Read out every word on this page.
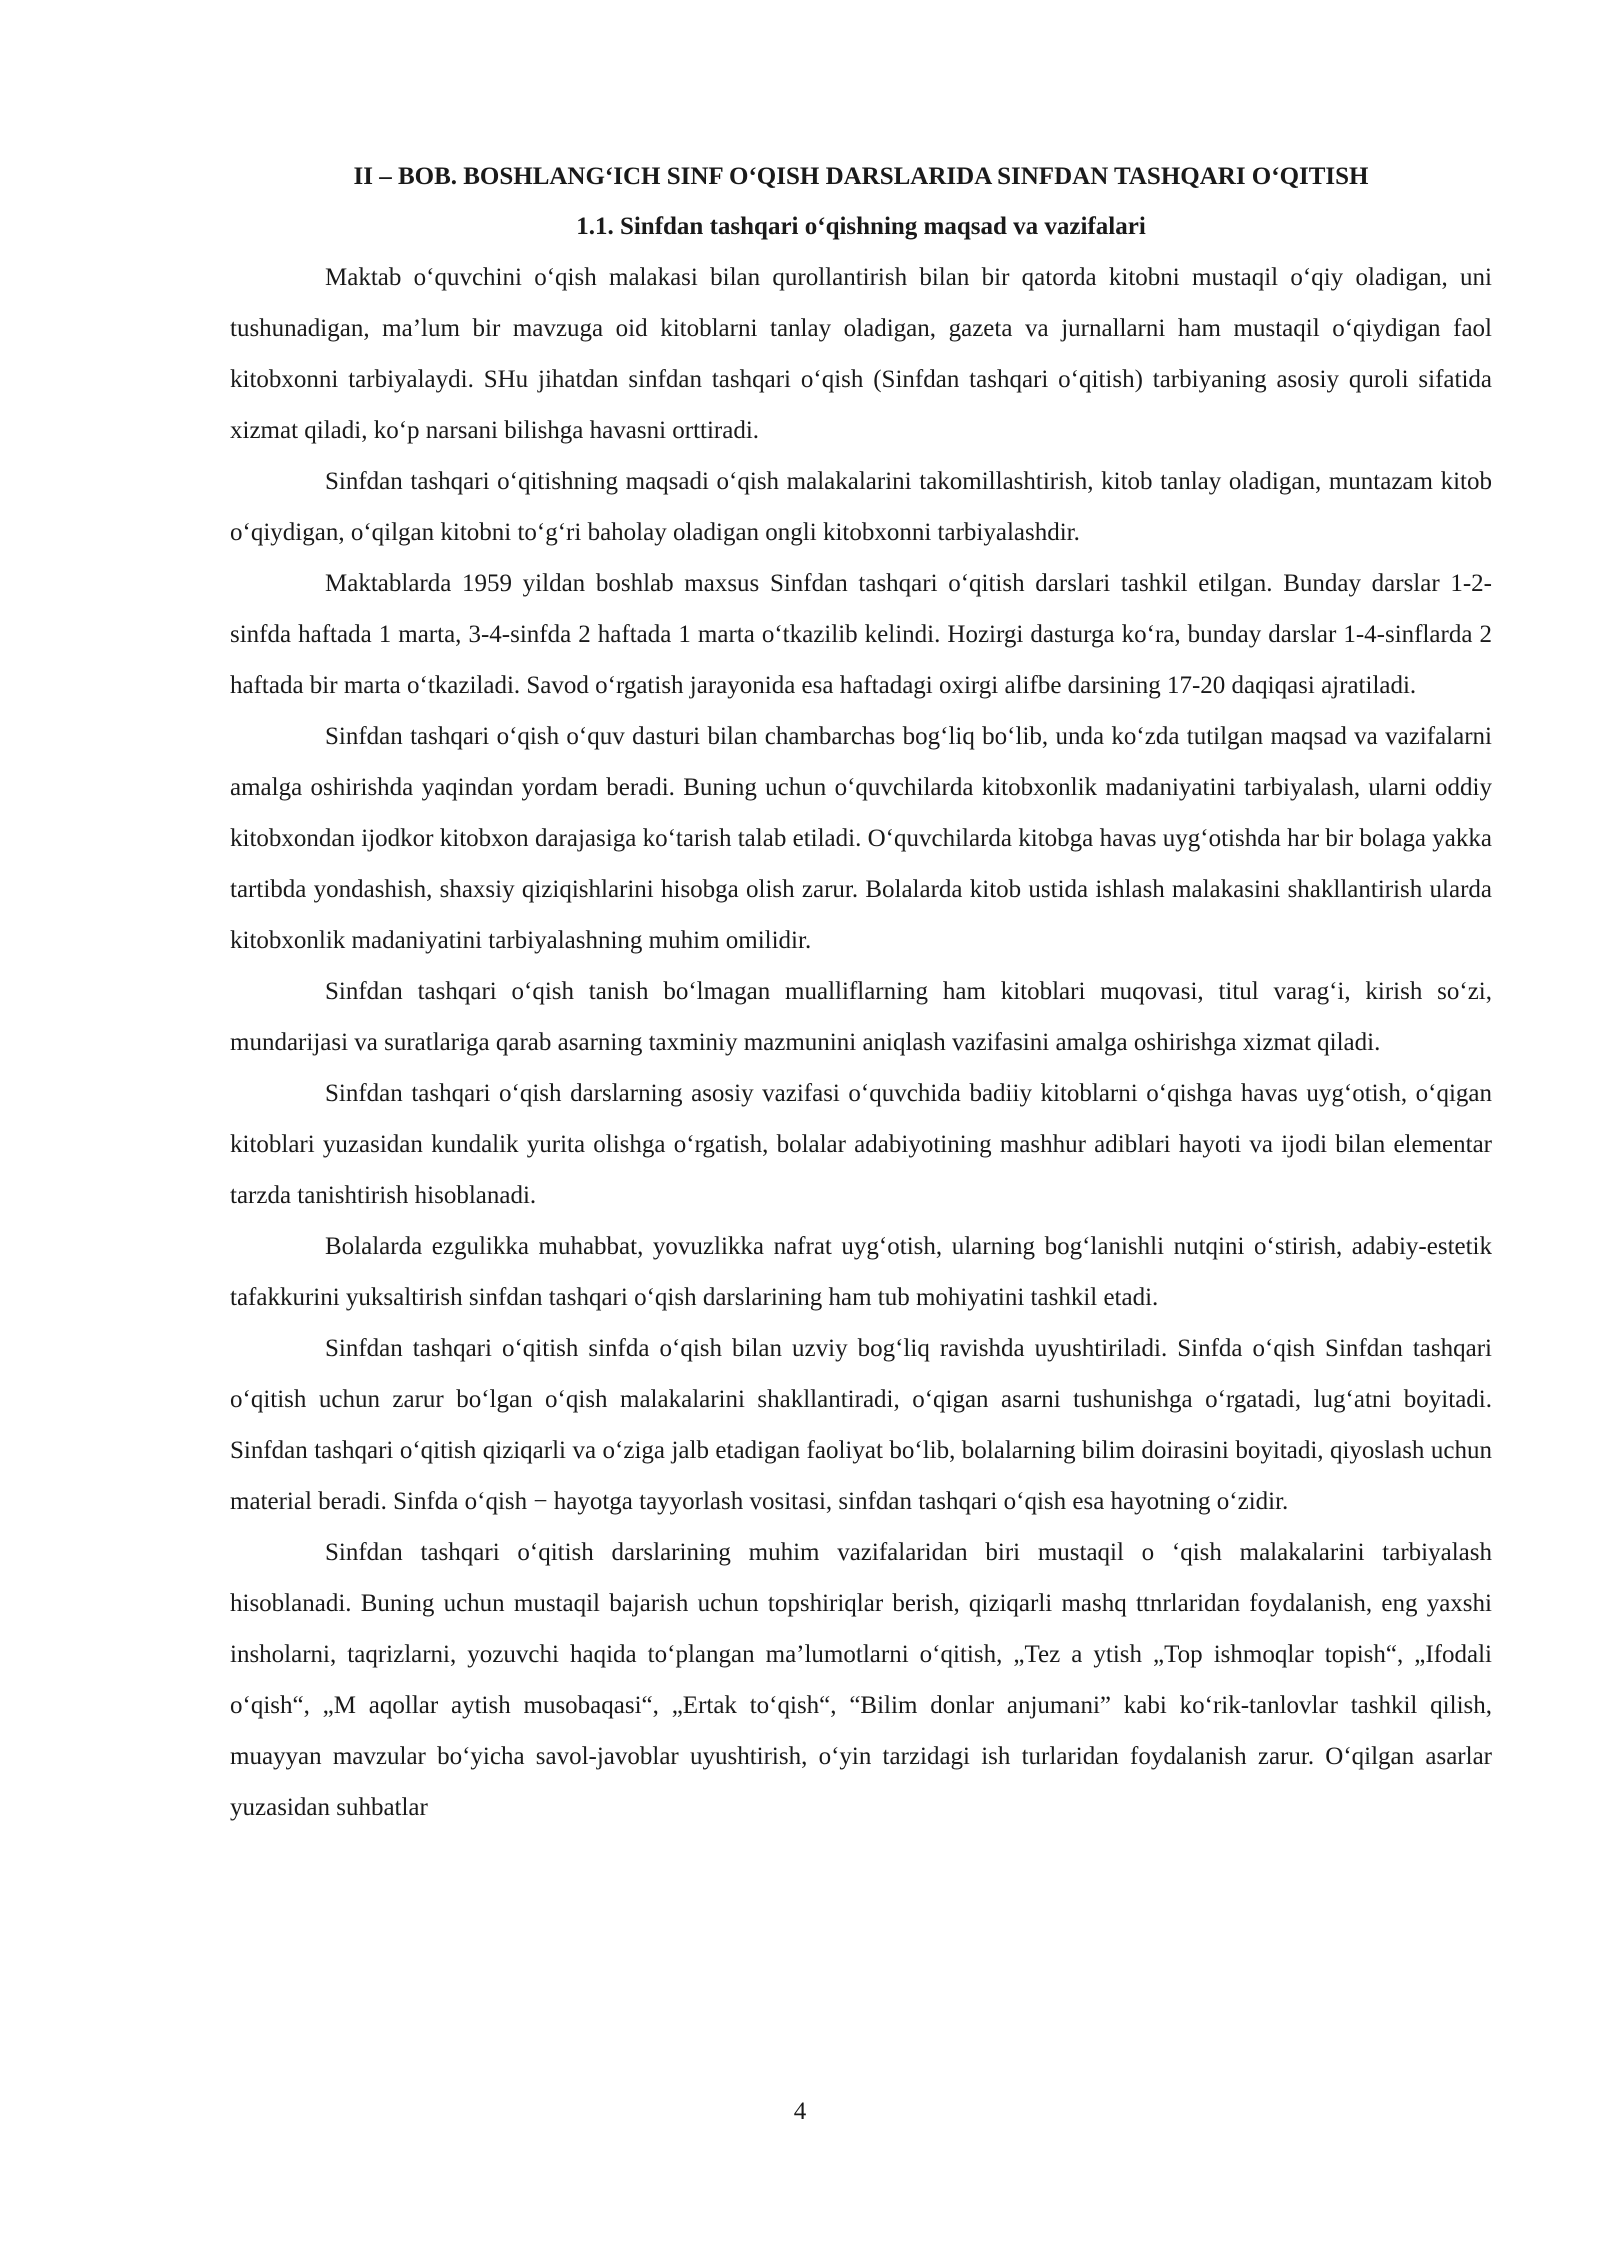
II – BOB. BOSHLANG‘ICH SINF O‘QISH DARSLARIDA SINFDAN TASHQARI O‘QITISH
1.1. Sinfdan tashqari o‘qishning maqsad va vazifalari

Maktab o‘quvchini o‘qish malakasi bilan qurollantirish bilan bir qatorda kitobni mustaqil o‘qiy oladigan, uni tushunadigan, ma’lum bir mavzuga oid kitoblarni tanlay oladigan, gazeta va jurnallarni ham mustaqil o‘qiydigan faol kitobxonni tarbiyalaydi. SHu jihatdan sinfdan tashqari o‘qish (Sinfdan tashqari o‘qitish) tarbiyaning asosiy quroli sifatida xizmat qiladi, ko‘p narsani bilishga havasni orttiradi.

Sinfdan tashqari o‘qitishning maqsadi o‘qish malakalarini takomillashtirish, kitob tanlay oladigan, muntazam kitob o‘qiydigan, o‘qilgan kitobni to‘g‘ri baholay oladigan ongli kitobxonni tarbiyalashdir.

Maktablarda 1959 yildan boshlab maxsus Sinfdan tashqari o‘qitish darslari tashkil etilgan. Bunday darslar 1-2-sinfda haftada 1 marta, 3-4-sinfda 2 haftada 1 marta o‘tkazilib kelindi. Hozirgi dasturga ko‘ra, bunday darslar 1-4-sinflarda 2 haftada bir marta o‘tkaziladi. Savod o‘rgatish jarayonida esa haftadagi oxirgi alifbe darsining 17-20 daqiqasi ajratiladi.

Sinfdan tashqari o‘qish o‘quv dasturi bilan chambarchas bog‘liq bo‘lib, unda ko‘zda tutilgan maqsad va vazifalarni amalga oshirishda yaqindan yordam beradi. Buning uchun o‘quvchilarda kitobxonlik madaniyatini tarbiyalash, ularni oddiy kitobxondan ijodkor kitobxon darajasiga ko‘tarish talab etiladi. O‘quvchilarda kitobga havas uyg‘otishda har bir bolaga yakka tartibda yondashish, shaxsiy qiziqishlarini hisobga olish zarur. Bolalarda kitob ustida ishlash malakasini shakllantirish ularda kitobxonlik madaniyatini tarbiyalashning muhim omilidir.

Sinfdan tashqari o‘qish tanish bo‘lmagan mualliflarning ham kitoblari muqovasi, titul varag‘i, kirish so‘zi, mundarijasi va suratlariga qarab asarning taxminiy mazmunini aniqlash vazifasini amalga oshirishga xizmat qiladi.

Sinfdan tashqari o‘qish darslarning asosiy vazifasi o‘quvchida badiiy kitoblarni o‘qishga havas uyg‘otish, o‘qigan kitoblari yuzasidan kundalik yurita olishga o‘rgatish, bolalar adabiyotining mashhur adiblari hayoti va ijodi bilan elementar tarzda tanishtirish hisoblanadi.

Bolalarda ezgulikka muhabbat, yovuzlikka nafrat uyg‘otish, ularning bog‘lanishli nutqini o‘stirish, adabiy-estetik tafakkurini yuksaltirish sinfdan tashqari o‘qish darslarining ham tub mohiyatini tashkil etadi.

Sinfdan tashqari o‘qitish sinfda o‘qish bilan uzviy bog‘liq ravishda uyushtiriladi. Sinfda o‘qish Sinfdan tashqari o‘qitish uchun zarur bo‘lgan o‘qish malakalarini shakllantiradi, o‘qigan asarni tushunishga o‘rgatadi, lug‘atni boyitadi. Sinfdan tashqari o‘qitish qiziqarli va o‘ziga jalb etadigan faoliyat bo‘lib, bolalarning bilim doirasini boyitadi, qiyoslash uchun material beradi. Sinfda o‘qish − hayotga tayyorlash vositasi, sinfdan tashqari o‘qish esa hayotning o‘zidir.

Sinfdan tashqari o‘qitish darslarining muhim vazifalaridan biri mustaqil o ‘qish malakalarini tarbiyalash hisoblanadi. Buning uchun mustaqil bajarish uchun topshiriqlar berish, qiziqarli mashq ttnrlaridan foydalanish, eng yaxshi insholarni, taqrizlarni, yozuvchi haqida to‘plangan ma’lumotlarni o‘qitish, „Tez a ytish „Top ishmoqlar topish“, „Ifodali o‘qish“, „M aqollar aytish musobaqasi“, „Ertak to‘qish“, “Bilim donlar anjumani” kabi ko‘rik-tanlovlar tashkil qilish, muayyan mavzular bo‘yicha savol-javoblar uyushtirish, o‘yin tarzidagi ish turlaridan foydalanish zarur. O‘qilgan asarlar yuzasidan suhbatlar

4
